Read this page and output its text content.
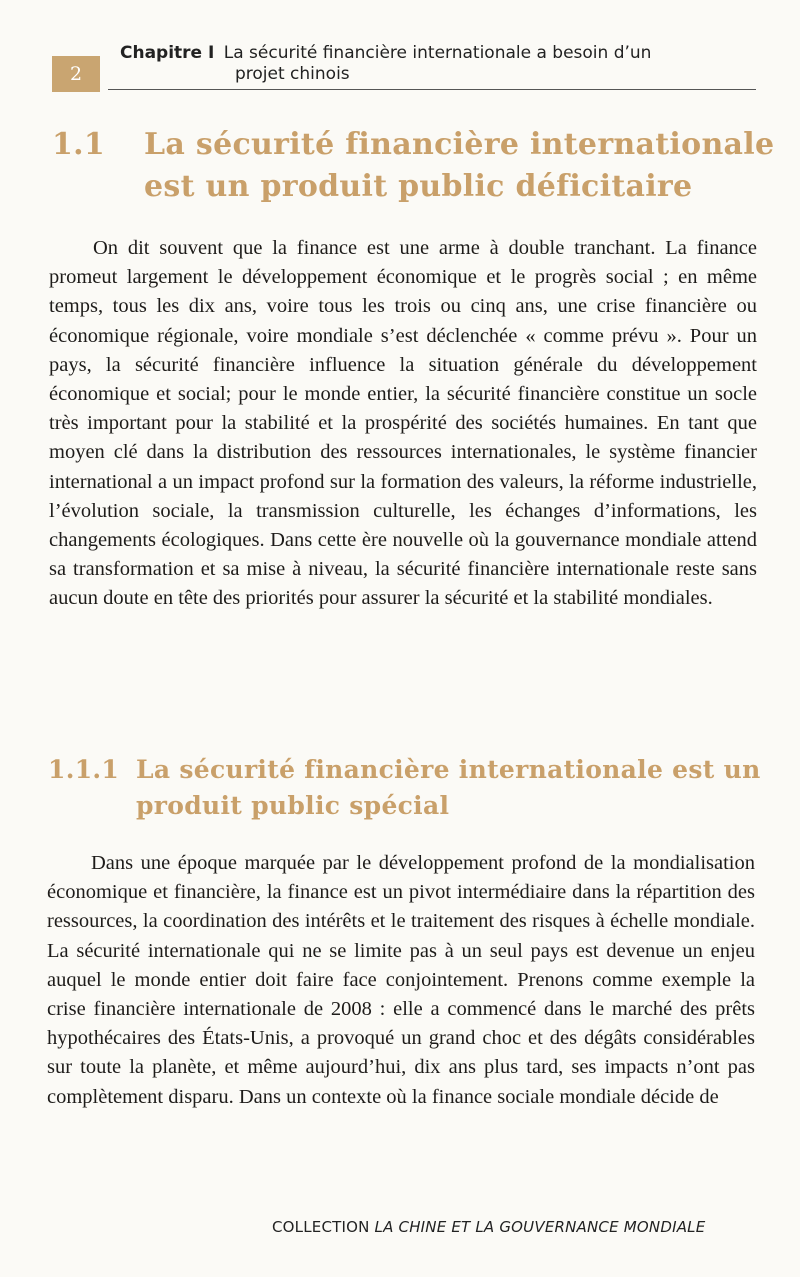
2
Chapitre I La sécurité financière internationale a besoin d’un
projet chinois
1.1 La sécurité financière internationale
est un produit public déficitaire

On dit souvent que la finance est une arme à double tranchant. La finance promeut largement le développement économique et le progrès social ; en même temps, tous les dix ans, voire tous les trois ou cinq ans, une crise financière ou économique régionale, voire mondiale s’est déclenchée « comme prévu ». Pour un pays, la sécurité financière influence la situation générale du développement économique et social; pour le monde entier, la sécurité financière constitue un socle très important pour la stabilité et la prospérité des sociétés humaines. En tant que moyen clé dans la distribution des ressources internationales, le système financier international a un impact profond sur la formation des valeurs, la réforme industrielle, l’évolution sociale, la transmission culturelle, les échanges d’informations, les changements écologiques. Dans cette ère nouvelle où la gouvernance mondiale attend sa transformation et sa mise à niveau, la sécurité financière internationale reste sans aucun doute en tête des priorités pour assurer la sécurité et la stabilité mondiales.

1.1.1 La sécurité financière internationale est un
produit public spécial

Dans une époque marquée par le développement profond de la mondialisation économique et financière, la finance est un pivot intermédiaire dans la répartition des ressources, la coordination des intérêts et le traitement des risques à échelle mondiale. La sécurité internationale qui ne se limite pas à un seul pays est devenue un enjeu auquel le monde entier doit faire face conjointement. Prenons comme exemple la crise financière internationale de 2008 : elle a commencé dans le marché des prêts hypothécaires des États-Unis, a provoqué un grand choc et des dégâts considérables sur toute la planète, et même aujourd’hui, dix ans plus tard, ses impacts n’ont pas complètement disparu. Dans un contexte où la finance sociale mondiale décide de

COLLECTION LA CHINE ET LA GOUVERNANCE MONDIALE
